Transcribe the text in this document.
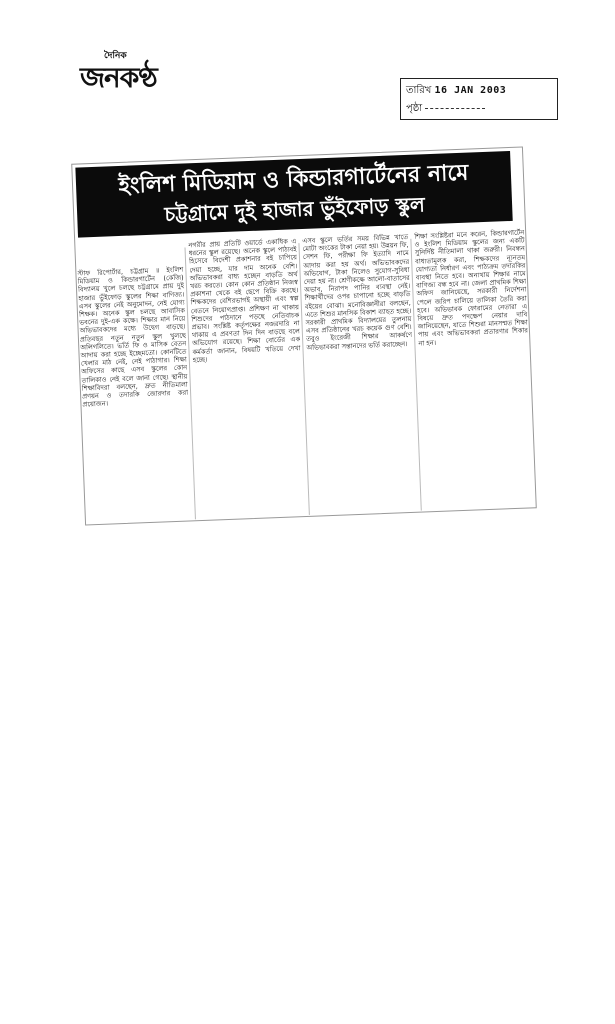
দৈনিক
জনকণ্ঠ	তারিখ 16 JAN 2003
পৃষ্ঠা
ইংলিশ মিডিয়াম ও কিন্ডারগার্টেনের নামে
চট্টগ্রামে দুই হাজার ভুঁইফোড় স্কুল

স্টাফ রিপোর্টার, চট্টগ্রাম ॥ ইংলিশ মিডিয়াম ও কিন্ডারগার্টেন (কেজি) বিদ্যালয় খুলে চলছে চট্টগ্রামে প্রায় দুই হাজার ভুঁইফোড় স্কুলের শিক্ষা বাণিজ্য। এসব স্কুলের নেই অনুমোদন, নেই যোগ্য শিক্ষক। অনেক স্কুল চলছে আবাসিক ভবনের দুই-এক কক্ষে। শিক্ষার মান নিয়ে অভিভাবকদের মধ্যে উদ্বেগ বাড়ছে। প্রতিবছর নতুন নতুন স্কুল খুলছে অলিগলিতে। ভর্তি ফি ও মাসিক বেতন আদায় করা হচ্ছে ইচ্ছেমতো। কোনটিতে খেলার মাঠ নেই, নেই পাঠাগার। শিক্ষা অফিসের কাছে এসব স্কুলের কোন তালিকাও নেই বলে জানা গেছে। স্থানীয় শিক্ষাবিদরা বলছেন, দ্রুত নীতিমালা প্রণয়ন ও তদারকি জোরদার করা প্রয়োজন।

নগরীর প্রায় প্রতিটি ওয়ার্ডে একাধিক এ ধরনের স্কুল রয়েছে। অনেক স্কুলে পাঠ্যবই হিসেবে বিদেশী প্রকাশনার বই চাপিয়ে দেয়া হচ্ছে, যার দাম অনেক বেশি। অভিভাবকরা বাধ্য হচ্ছেন বাড়তি অর্থ খরচ করতে। কোন কোন প্রতিষ্ঠান নিজস্ব প্রকাশনা থেকে বই ছেপে বিক্রি করছে। শিক্ষকদের বেশিরভাগই অস্থায়ী এবং স্বল্প বেতনে নিয়োগপ্রাপ্ত। প্রশিক্ষণ না থাকায় শিশুদের পাঠদানে পড়ছে নেতিবাচক প্রভাব। সংশ্লিষ্ট কর্তৃপক্ষের নজরদারি না থাকায় এ প্রবণতা দিন দিন বাড়ছে বলে অভিযোগ রয়েছে। শিক্ষা বোর্ডের এক কর্মকর্তা জানান, বিষয়টি খতিয়ে দেখা হচ্ছে।

এসব স্কুলে ভর্তির সময় বিভিন্ন খাতে মোটা অংকের টাকা নেয়া হয়। উন্নয়ন ফি, সেশন ফি, পরীক্ষা ফি ইত্যাদি নামে আদায় করা হয় অর্থ। অভিভাবকদের অভিযোগ, টাকা নিলেও সুযোগ-সুবিধা দেয়া হয় না। শ্রেণীকক্ষে আলো-বাতাসের অভাব, নিরাপদ পানির ব্যবস্থা নেই। শিক্ষার্থীদের ওপর চাপানো হচ্ছে বাড়তি বইয়ের বোঝা। মনোবিজ্ঞানীরা বলছেন, এতে শিশুর মানসিক বিকাশ ব্যাহত হচ্ছে। সরকারী প্রাথমিক বিদ্যালয়ের তুলনায় এসব প্রতিষ্ঠানের খরচ কয়েক গুণ বেশি। তবুও ইংরেজী শিক্ষার আকর্ষণে অভিভাবকরা সন্তানদের ভর্তি করাচ্ছেন।

শিক্ষা সংশ্লিষ্টরা মনে করেন, কিন্ডারগার্টেন ও ইংলিশ মিডিয়াম স্কুলের জন্য একটি সুনির্দিষ্ট নীতিমালা থাকা জরুরী। নিবন্ধন বাধ্যতামূলক করা, শিক্ষকদের ন্যূনতম যোগ্যতা নির্ধারণ এবং পাঠ্যক্রম তদারকির ব্যবস্থা নিতে হবে। অন্যথায় শিক্ষার নামে বাণিজ্য বন্ধ হবে না। জেলা প্রাথমিক শিক্ষা অফিস জানিয়েছে, সরকারী নির্দেশনা পেলে জরিপ চালিয়ে তালিকা তৈরি করা হবে। অভিভাবক ফোরামের নেতারা এ বিষয়ে দ্রুত পদক্ষেপ নেয়ার দাবি জানিয়েছেন, যাতে শিশুরা মানসম্মত শিক্ষা পায় এবং অভিভাবকরা প্রতারণার শিকার না হন।
